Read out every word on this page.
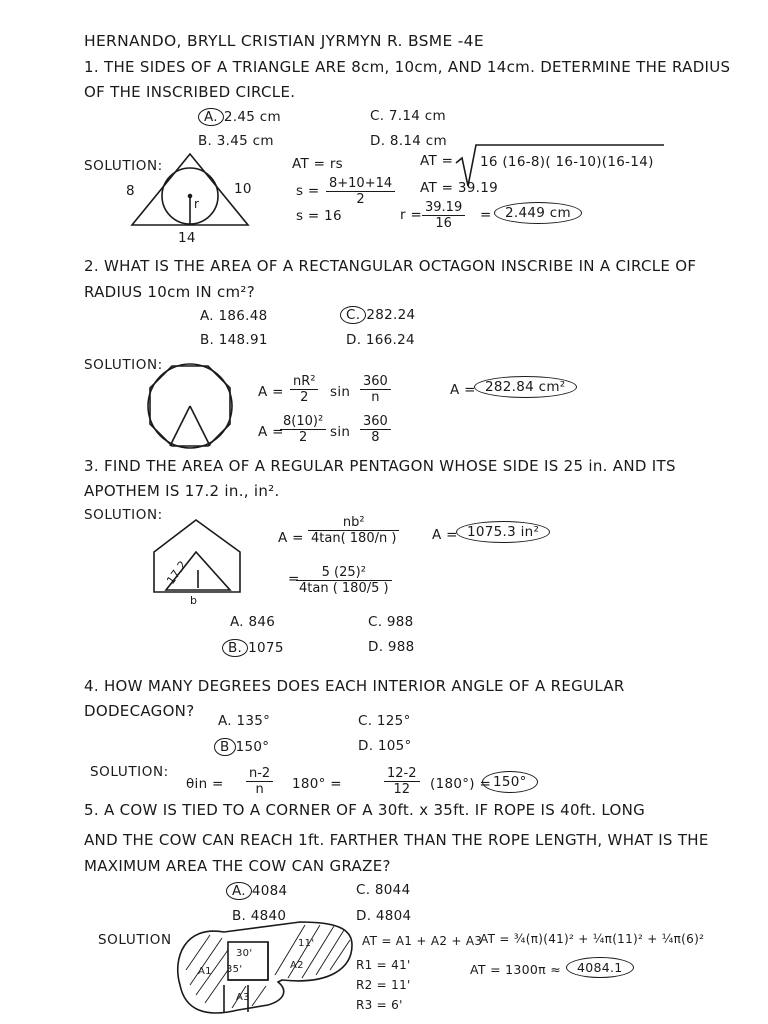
HERNANDO, BRYLL CRISTIAN JYRMYN R. BSME -4E
1. THE SIDES OF A TRIANGLE ARE 8cm, 10cm, AND 14cm. DETERMINE THE RADIUS
OF THE INSCRIBED CIRCLE.
A. 2.45 cm
B. 3.45 cm
C. 7.14 cm
D. 8.14 cm
SOLUTION:
8	10
14
r
AT = rs
$s = \frac{8+10+14}{2}$
s = 16
AT = 16 (16-8)( 16-10)(16-14)
AT = 39.19
$r = \frac{39.19}{16} = 2.449$ cm
2. WHAT IS THE AREA OF A RECTANGULAR OCTAGON INSCRIBE IN A CIRCLE OF
RADIUS 10cm IN cm²?
A. 186.48
B. 148.91
C. 282.24
D. 166.24
SOLUTION:
$A = \frac{\text{nR²}}{2}$ $\sin \frac{360}{n}$
A =
$\frac{\text{8(10)²}}{2}$ $\sin \frac{360}{8}$
A = 282.84 cm²
3. FIND THE AREA OF A REGULAR PENTAGON WHOSE SIDE IS 25 in. AND ITS
APOTHEM IS 17.2 in., in².
SOLUTION:
17.2
b
$A = \frac{\text{nb²}}{4\tan( 180/n )}$
=
$\frac{\text{5 (25)²}}{4\tan ( 180/5 )}$
A = 1075.3 in²
A. 846
B. 1075
C. 988
D. 988
4. HOW MANY DEGREES DOES EACH INTERIOR ANGLE OF A REGULAR
DODECAGON?
A. 135°
B 150°
C. 125°
D. 105°
SOLUTION:
$\theta in = \frac{n-2}{n} 180^\circ$ =	$\frac{12-2}{12} (180^\circ) = 150^\circ$
5. A COW IS TIED TO A CORNER OF A 30ft. x 35ft. IF ROPE IS 40ft. LONG
AND THE COW CAN REACH 1ft. FARTHER THAN THE ROPE LENGTH, WHAT IS THE
MAXIMUM AREA THE COW CAN GRAZE?
A. 4084
B. 4840
C. 8044
D. 4804
SOLUTION
30'
35'
A1
A2
A3
11'	AT = A1 + A2 + A3
R1 = 41'
R2 = 11'
R3 = 6'
AT = ¾(π)(41)² + ¼π(11)² + ¼π(6)²
AT = 1300π ≈	4084.1
